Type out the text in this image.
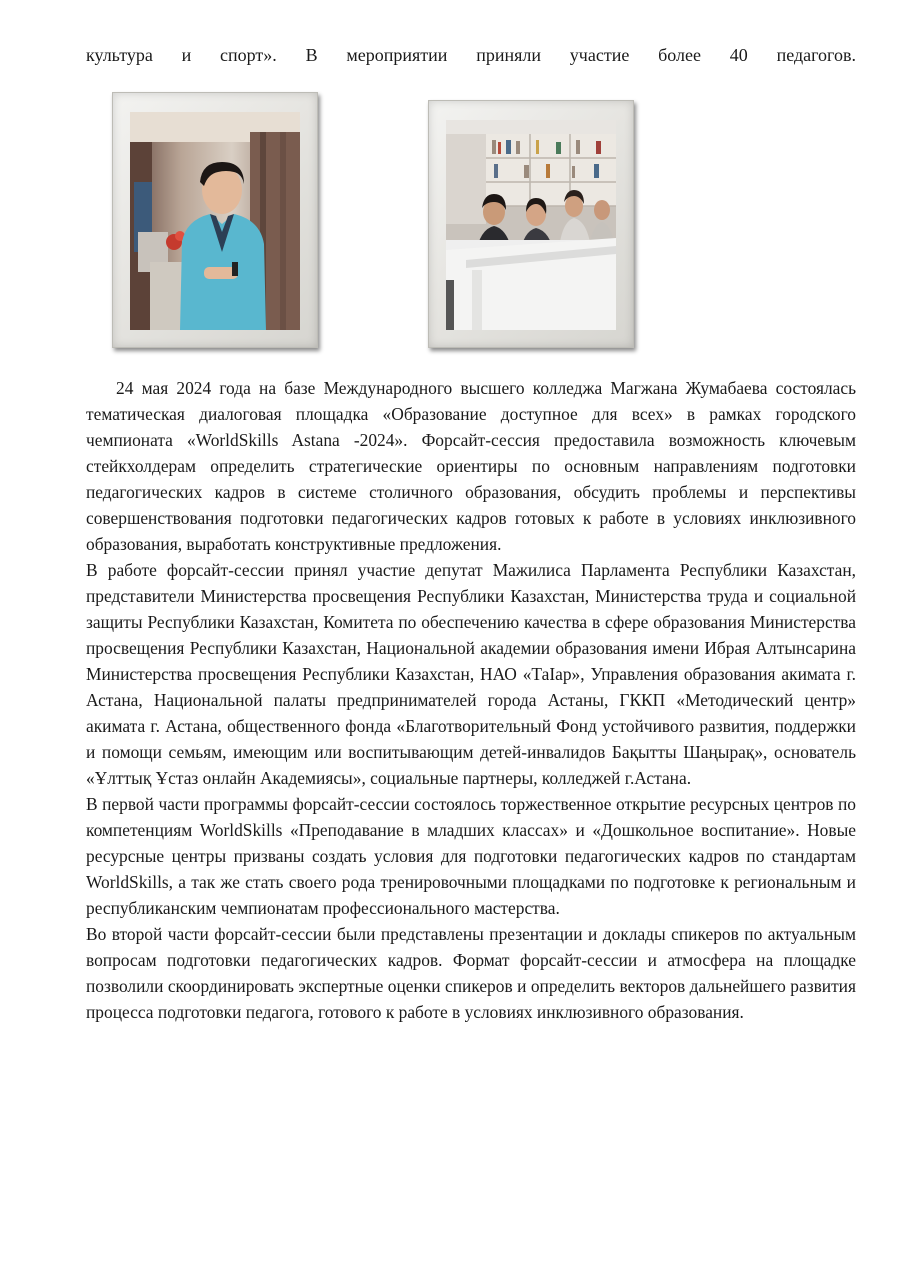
культура и спорт». В мероприятии приняли участие более 40 педагогов.

24 мая 2024 года на базе Международного высшего колледжа Магжана Жумабаева состоялась тематическая диалоговая площадка «Образование доступное для всех» в рамках городского чемпионата «WorldSkills Astana -2024». Форсайт-сессия предоставила возможность ключевым стейкхолдерам определить стратегические ориентиры по основным направлениям подготовки педагогических кадров в системе столичного образования, обсудить проблемы и перспективы совершенствования подготовки педагогических кадров готовых к работе в условиях инклюзивного образования, выработать конструктивные предложения.

В работе форсайт-сессии принял участие депутат Мажилиса Парламента Республики Казахстан, представители Министерства просвещения Республики Казахстан, Министерства труда и социальной защиты Республики Казахстан, Комитета по обеспечению качества в сфере образования Министерства просвещения Республики Казахстан, Национальной академии образования имени Ибрая Алтынсарина Министерства просвещения Республики Казахстан, НАО «ТаІар», Управления образования акимата г. Астана, Национальной палаты предпринимателей города Астаны, ГККП «Методический центр» акимата г. Астана, общественного фонда «Благотворительный Фонд устойчивого развития, поддержки и помощи семьям, имеющим или воспитывающим детей-инвалидов Бақытты Шаңырақ», основатель «Ұлттық Ұстаз онлайн Академиясы», социальные партнеры, колледжей г.Астана.

В первой части программы форсайт-сессии состоялось торжественное открытие ресурсных центров по компетенциям WorldSkills «Преподавание в младших классах» и «Дошкольное воспитание». Новые ресурсные центры призваны создать условия для подготовки педагогических кадров по стандартам WorldSkills, а так же стать своего рода тренировочными площадками по подготовке к региональным и республиканским чемпионатам профессионального мастерства.

Во второй части форсайт-сессии были представлены презентации и доклады спикеров по актуальным вопросам подготовки педагогических кадров. Формат форсайт-сессии и атмосфера на площадке позволили скоординировать экспертные оценки спикеров и определить векторов дальнейшего развития процесса подготовки педагога, готового к работе в условиях инклюзивного образования.
